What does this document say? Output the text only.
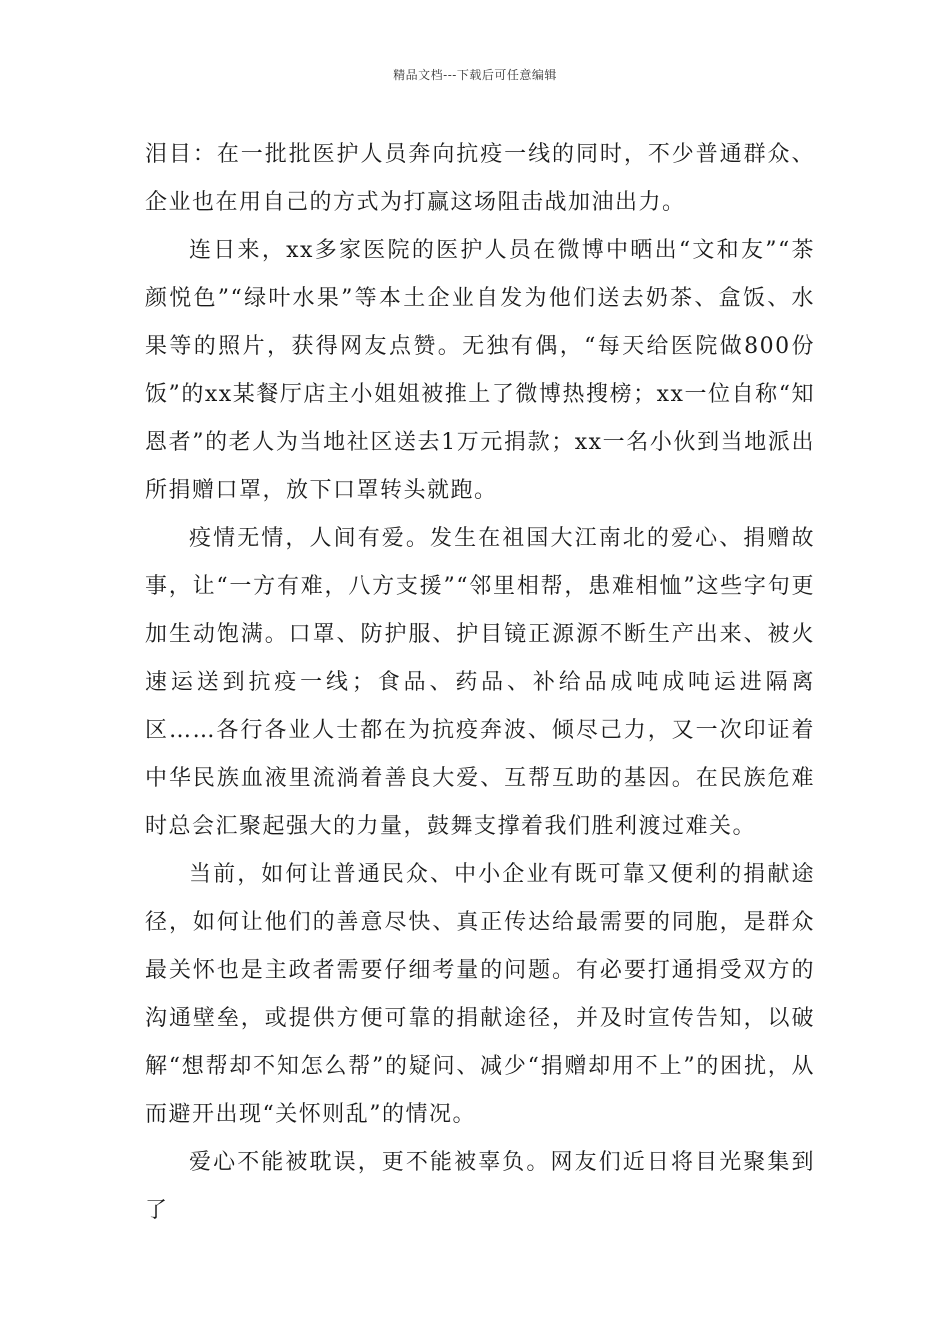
精品文档---下载后可任意编辑

泪目：在一批批医护人员奔向抗疫一线的同时，不少普通群众、企业也在用自己的方式为打赢这场阻击战加油出力。

连日来，xx多家医院的医护人员在微博中晒出“文和友”“茶颜悦色”“绿叶水果”等本土企业自发为他们送去奶茶、盒饭、水果等的照片，获得网友点赞。无独有偶，“每天给医院做800份饭”的xx某餐厅店主小姐姐被推上了微博热搜榜；xx一位自称“知恩者”的老人为当地社区送去1万元捐款；xx一名小伙到当地派出所捐赠口罩，放下口罩转头就跑。

疫情无情，人间有爱。发生在祖国大江南北的爱心、捐赠故事，让“一方有难，八方支援”“邻里相帮，患难相恤”这些字句更加生动饱满。口罩、防护服、护目镜正源源不断生产出来、被火速运送到抗疫一线；食品、药品、补给品成吨成吨运进隔离区……各行各业人士都在为抗疫奔波、倾尽己力，又一次印证着中华民族血液里流淌着善良大爱、互帮互助的基因。在民族危难时总会汇聚起强大的力量，鼓舞支撑着我们胜利渡过难关。

当前，如何让普通民众、中小企业有既可靠又便利的捐献途径，如何让他们的善意尽快、真正传达给最需要的同胞，是群众最关怀也是主政者需要仔细考量的问题。有必要打通捐受双方的沟通壁垒，或提供方便可靠的捐献途径，并及时宣传告知，以破解“想帮却不知怎么帮”的疑问、减少“捐赠却用不上”的困扰，从而避开出现“关怀则乱”的情况。

爱心不能被耽误，更不能被辜负。网友们近日将目光聚集到了
